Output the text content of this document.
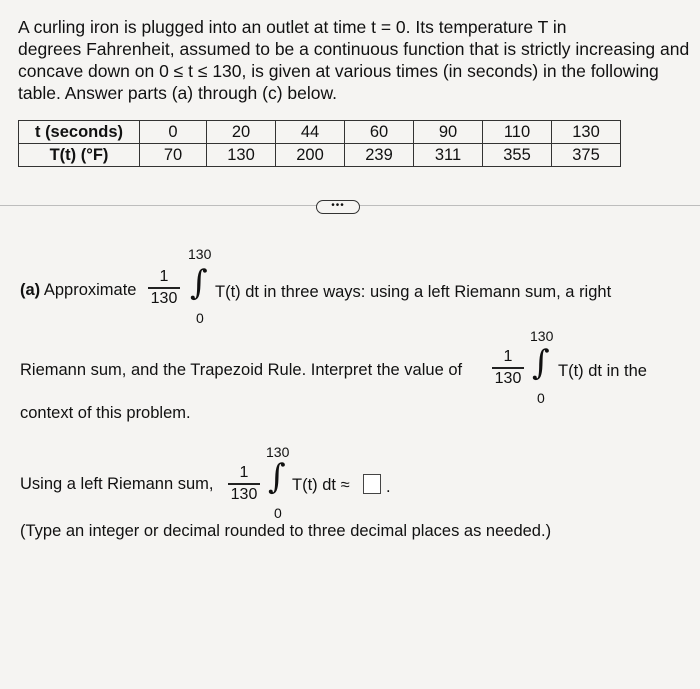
A curling iron is plugged into an outlet at time t = 0. Its temperature T in
degrees Fahrenheit, assumed to be a continuous function that is strictly increasing and
concave down on 0 ≤ t ≤ 130, is given at various times (in seconds) in the following
table. Answer parts (a) through (c) below.

t (seconds)	0	20	44	60	90	110	130
T(t) (°F)	70	130	200	239	311	355	375
•••
130
(a) Approximate
1
130 ∫
0
T(t) dt in three ways: using a left Riemann sum, a right
130
Riemann sum, and the Trapezoid Rule. Interpret the value of
1
130 ∫
0
T(t) dt in the
context of this problem.
130
Using a left Riemann sum,
1
130 ∫
0
T(t) dt ≈ .
(Type an integer or decimal rounded to three decimal places as needed.)
